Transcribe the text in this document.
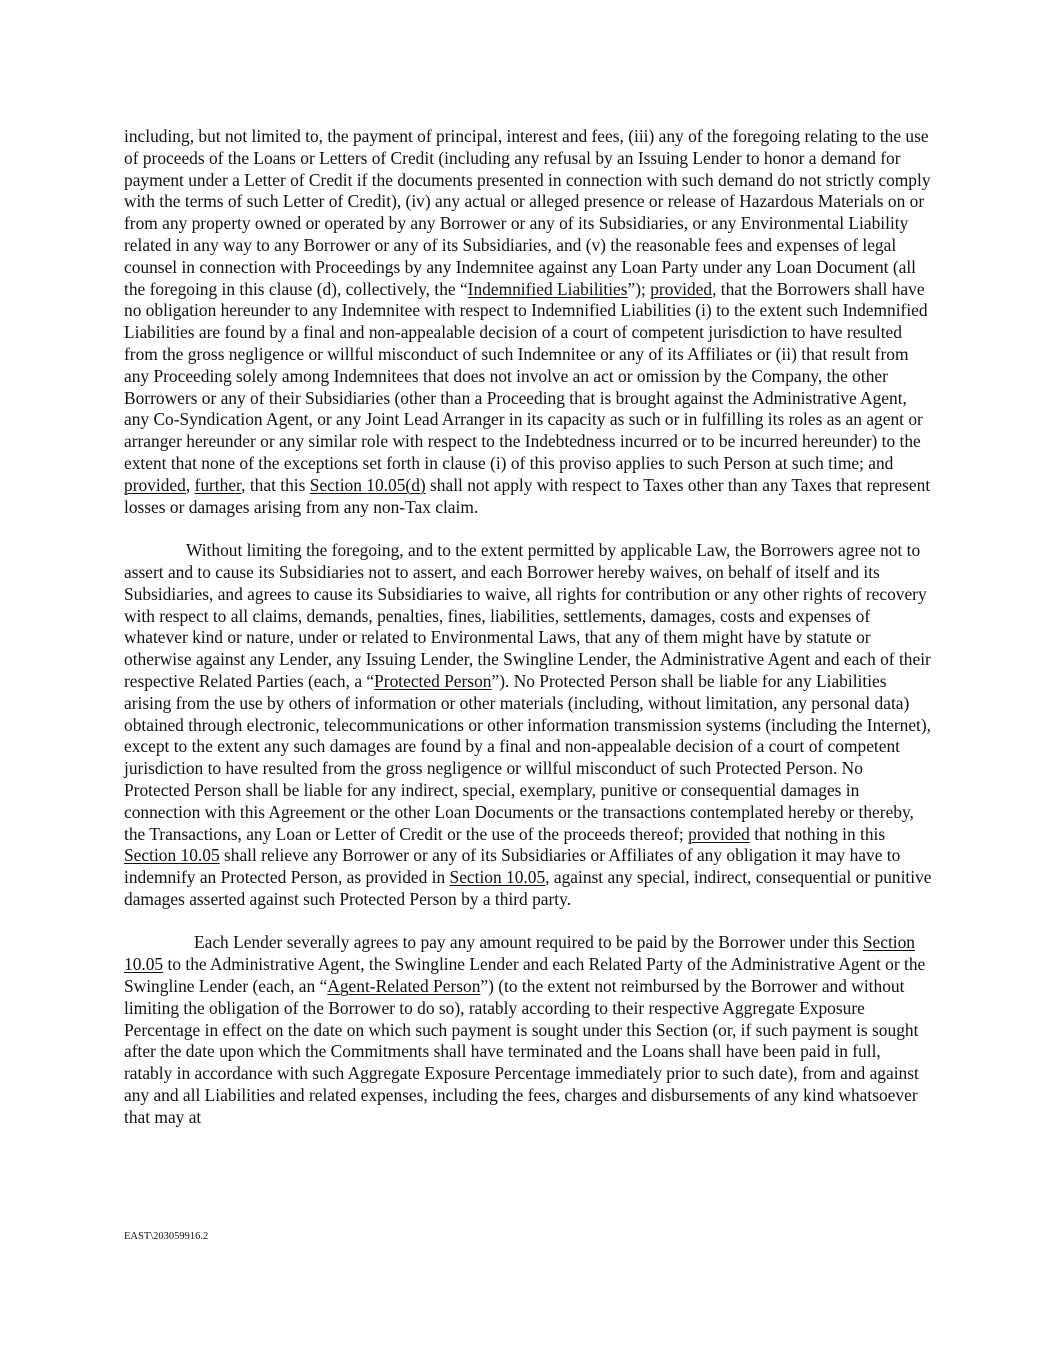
including, but not limited to, the payment of principal, interest and fees, (iii) any of the foregoing relating to the use of proceeds of the Loans or Letters of Credit (including any refusal by an Issuing Lender to honor a demand for payment under a Letter of Credit if the documents presented in connection with such demand do not strictly comply with the terms of such Letter of Credit), (iv) any actual or alleged presence or release of Hazardous Materials on or from any property owned or operated by any Borrower or any of its Subsidiaries, or any Environmental Liability related in any way to any Borrower or any of its Subsidiaries, and (v) the reasonable fees and expenses of legal counsel in connection with Proceedings by any Indemnitee against any Loan Party under any Loan Document (all the foregoing in this clause (d), collectively, the “Indemnified Liabilities”); provided, that the Borrowers shall have no obligation hereunder to any Indemnitee with respect to Indemnified Liabilities (i) to the extent such Indemnified Liabilities are found by a final and non-appealable decision of a court of competent jurisdiction to have resulted from the gross negligence or willful misconduct of such Indemnitee or any of its Affiliates or (ii) that result from any Proceeding solely among Indemnitees that does not involve an act or omission by the Company, the other Borrowers or any of their Subsidiaries (other than a Proceeding that is brought against the Administrative Agent, any Co-Syndication Agent, or any Joint Lead Arranger in its capacity as such or in fulfilling its roles as an agent or arranger hereunder or any similar role with respect to the Indebtedness incurred or to be incurred hereunder) to the extent that none of the exceptions set forth in clause (i) of this proviso applies to such Person at such time; and provided, further, that this Section 10.05(d) shall not apply with respect to Taxes other than any Taxes that represent losses or damages arising from any non-Tax claim.

Without limiting the foregoing, and to the extent permitted by applicable Law, the Borrowers agree not to assert and to cause its Subsidiaries not to assert, and each Borrower hereby waives, on behalf of itself and its Subsidiaries, and agrees to cause its Subsidiaries to waive, all rights for contribution or any other rights of recovery with respect to all claims, demands, penalties, fines, liabilities, settlements, damages, costs and expenses of whatever kind or nature, under or related to Environmental Laws, that any of them might have by statute or otherwise against any Lender, any Issuing Lender, the Swingline Lender, the Administrative Agent and each of their respective Related Parties (each, a “Protected Person”). No Protected Person shall be liable for any Liabilities arising from the use by others of information or other materials (including, without limitation, any personal data) obtained through electronic, telecommunications or other information transmission systems (including the Internet), except to the extent any such damages are found by a final and non-appealable decision of a court of competent jurisdiction to have resulted from the gross negligence or willful misconduct of such Protected Person. No Protected Person shall be liable for any indirect, special, exemplary, punitive or consequential damages in connection with this Agreement or the other Loan Documents or the transactions contemplated hereby or thereby, the Transactions, any Loan or Letter of Credit or the use of the proceeds thereof; provided that nothing in this Section 10.05 shall relieve any Borrower or any of its Subsidiaries or Affiliates of any obligation it may have to indemnify an Protected Person, as provided in Section 10.05, against any special, indirect, consequential or punitive damages asserted against such Protected Person by a third party.

Each Lender severally agrees to pay any amount required to be paid by the Borrower under this Section 10.05 to the Administrative Agent, the Swingline Lender and each Related Party of the Administrative Agent or the Swingline Lender (each, an “Agent-Related Person”) (to the extent not reimbursed by the Borrower and without limiting the obligation of the Borrower to do so), ratably according to their respective Aggregate Exposure Percentage in effect on the date on which such payment is sought under this Section (or, if such payment is sought after the date upon which the Commitments shall have terminated and the Loans shall have been paid in full, ratably in accordance with such Aggregate Exposure Percentage immediately prior to such date), from and against any and all Liabilities and related expenses, including the fees, charges and disbursements of any kind whatsoever that may at

EAST\203059916.2
